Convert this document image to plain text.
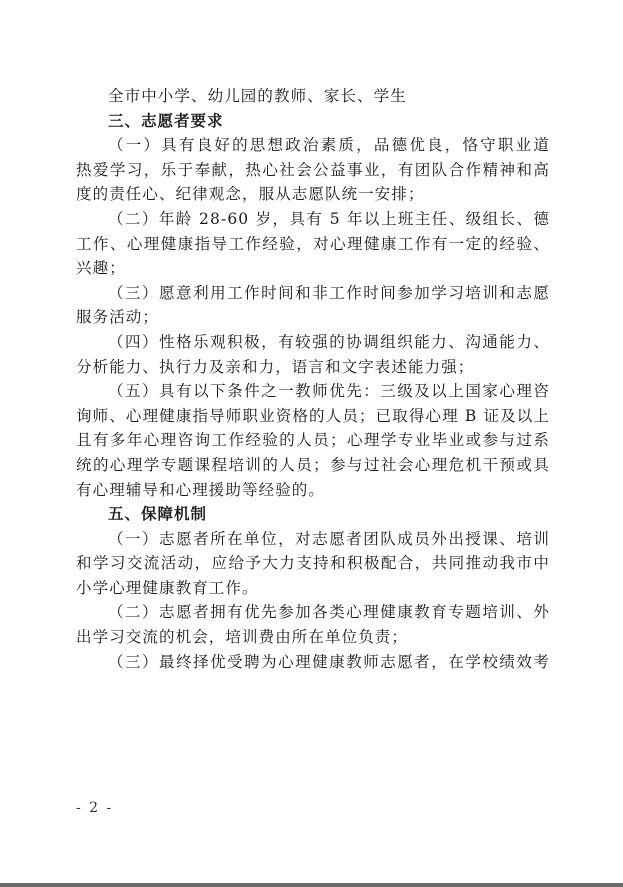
全市中小学、幼儿园的教师、家长、学生
三、志愿者要求
（一）具有良好的思想政治素质，品德优良，恪守职业道
热爱学习，乐于奉献，热心社会公益事业，有团队合作精神和高
度的责任心、纪律观念，服从志愿队统一安排；
（二）年龄 28-60 岁，具有 5 年以上班主任、级组长、德
工作、心理健康指导工作经验，对心理健康工作有一定的经验、
兴趣；
（三）愿意利用工作时间和非工作时间参加学习培训和志愿
服务活动；
（四）性格乐观积极，有较强的协调组织能力、沟通能力、
分析能力、执行力及亲和力，语言和文字表述能力强；
（五）具有以下条件之一教师优先：三级及以上国家心理咨
询师、心理健康指导师职业资格的人员；已取得心理 B 证及以上
且有多年心理咨询工作经验的人员；心理学专业毕业或参与过系
统的心理学专题课程培训的人员；参与过社会心理危机干预或具
有心理辅导和心理援助等经验的。
五、保障机制
（一）志愿者所在单位，对志愿者团队成员外出授课、培训
和学习交流活动，应给予大力支持和积极配合，共同推动我市中
小学心理健康教育工作。
（二）志愿者拥有优先参加各类心理健康教育专题培训、外
出学习交流的机会，培训费由所在单位负责；
（三）最终择优受聘为心理健康教师志愿者，在学校绩效考
- 2 -
